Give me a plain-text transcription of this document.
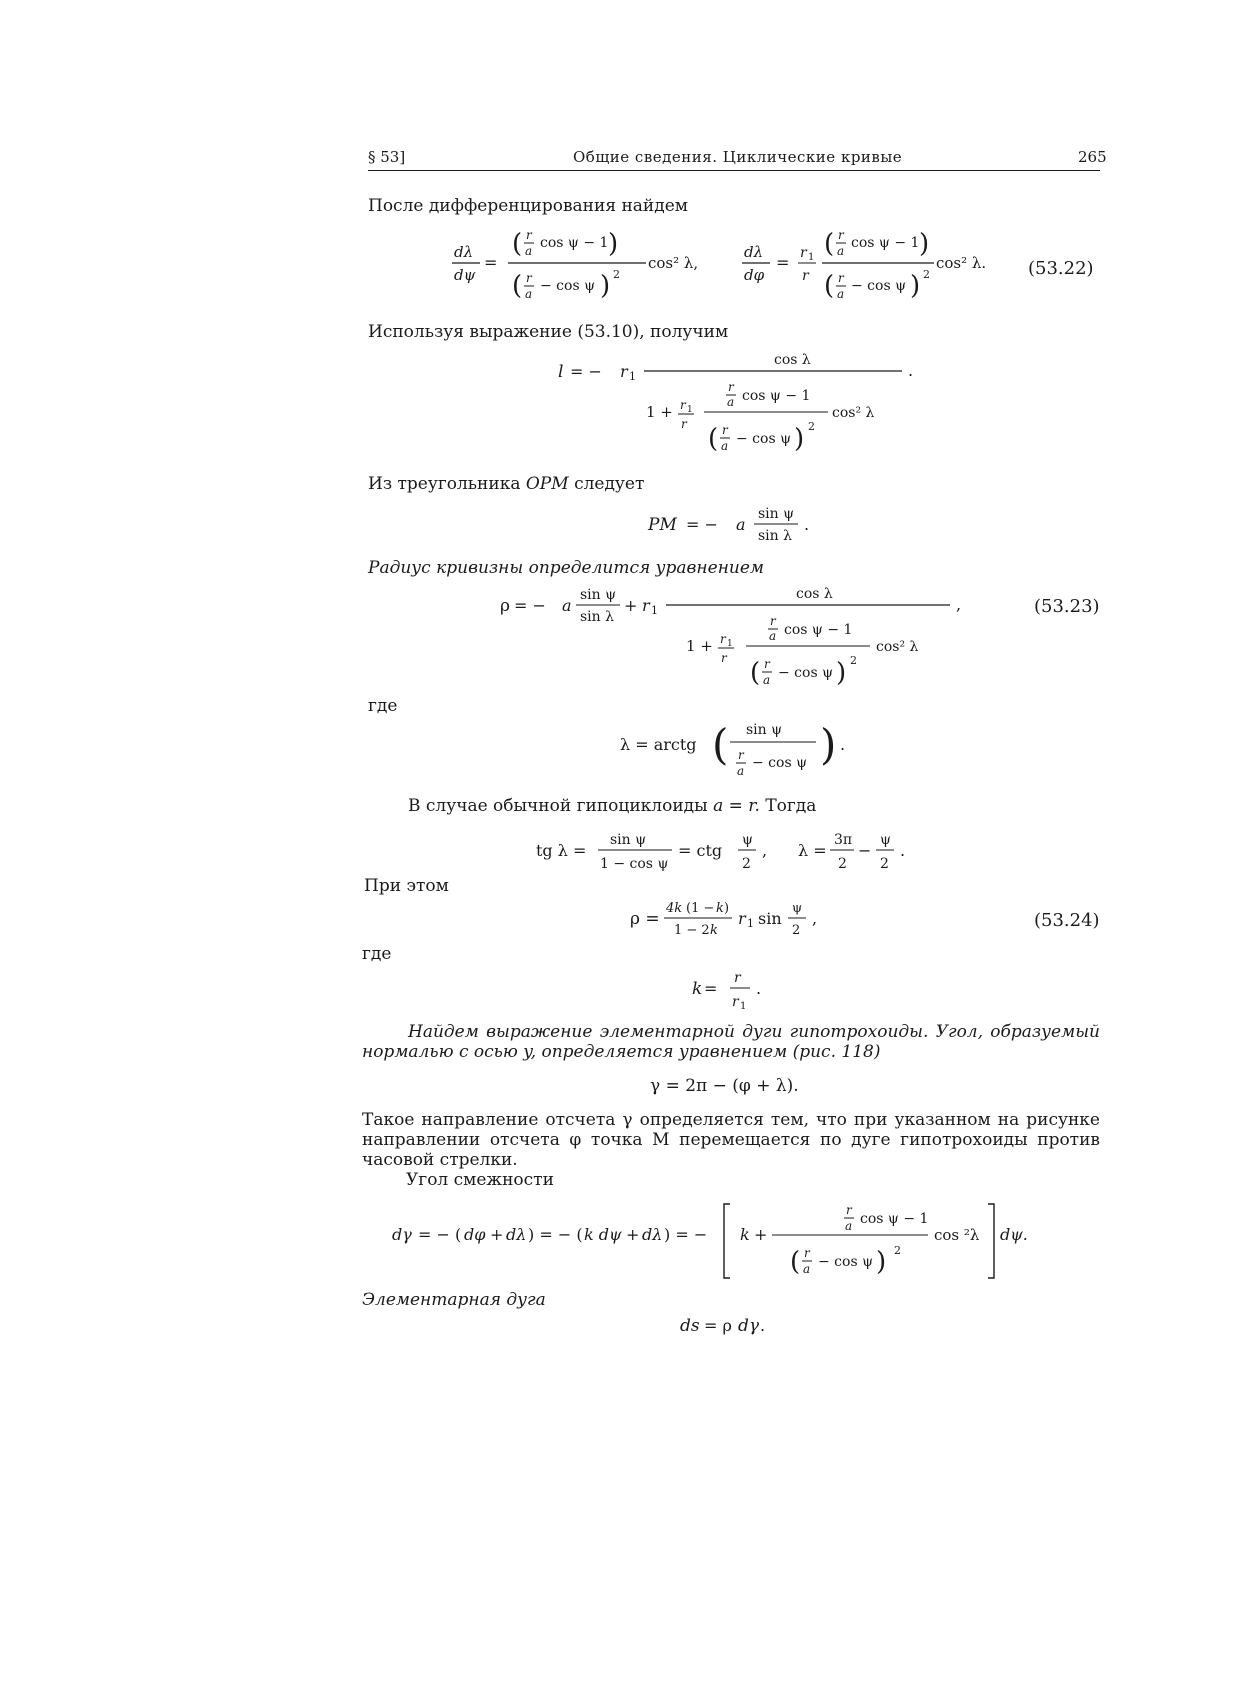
§ 53]	Общие сведения. Циклические кривые	265
После дифференцирования найдем
dλ
dψ
=
( r
a cos ψ − 1 )
( r
a − cos ψ ) 2
cos² λ,
dλ
dφ
= r 1
r
( r
a cos ψ − 1 )
( r
a − cos ψ ) 2
cos² λ. (53.22)
Используя выражение (53.10), получим
l = − r 1
cos λ
.
1 + r 1
r
r
a cos ψ − 1
( r
a − cos ψ ) 2
cos² λ
Из треугольника OPM следует
PM = − a
sin ψ
sin λ
.
Радиус кривизны определится уравнением
ρ = − a
sin ψ
sin λ
+ r 1
cos λ
,
1 + r 1
r
r
a cos ψ − 1
( r
a − cos ψ ) 2
cos² λ
(53.23)
где
λ = arctg ( sin ψ
r
a − cos ψ ) .
В случае обычной гипоциклоиды a = r. Тогда
tg λ =
sin ψ
1 − cos ψ
= ctg
ψ
2
, λ =
3π
2
−
ψ
2
.
При этом
ρ =
4k (1 − k )
1 − 2 k
r 1 sin
ψ
2
,	(53.24)
где
k =
r
r 1
.
Найдем выражение элементарной дуги гипотрохоиды. Угол, образуемый нормалью с осью y, определяется уравнением (рис. 118)
γ = 2π − (φ + λ).
Такое направление отсчета γ определяется тем, что при указанном на рисунке направлении отсчета φ точка M перемещается по дуге гипотрохоиды против часовой стрелки.
Угол смежности
dγ = − ( dφ + dλ ) = − ( k dψ + dλ ) = − k +
r
a cos ψ − 1
( r
a − cos ψ ) 2
cos ²λ dψ.
Элементарная дуга
ds = ρ dγ .
